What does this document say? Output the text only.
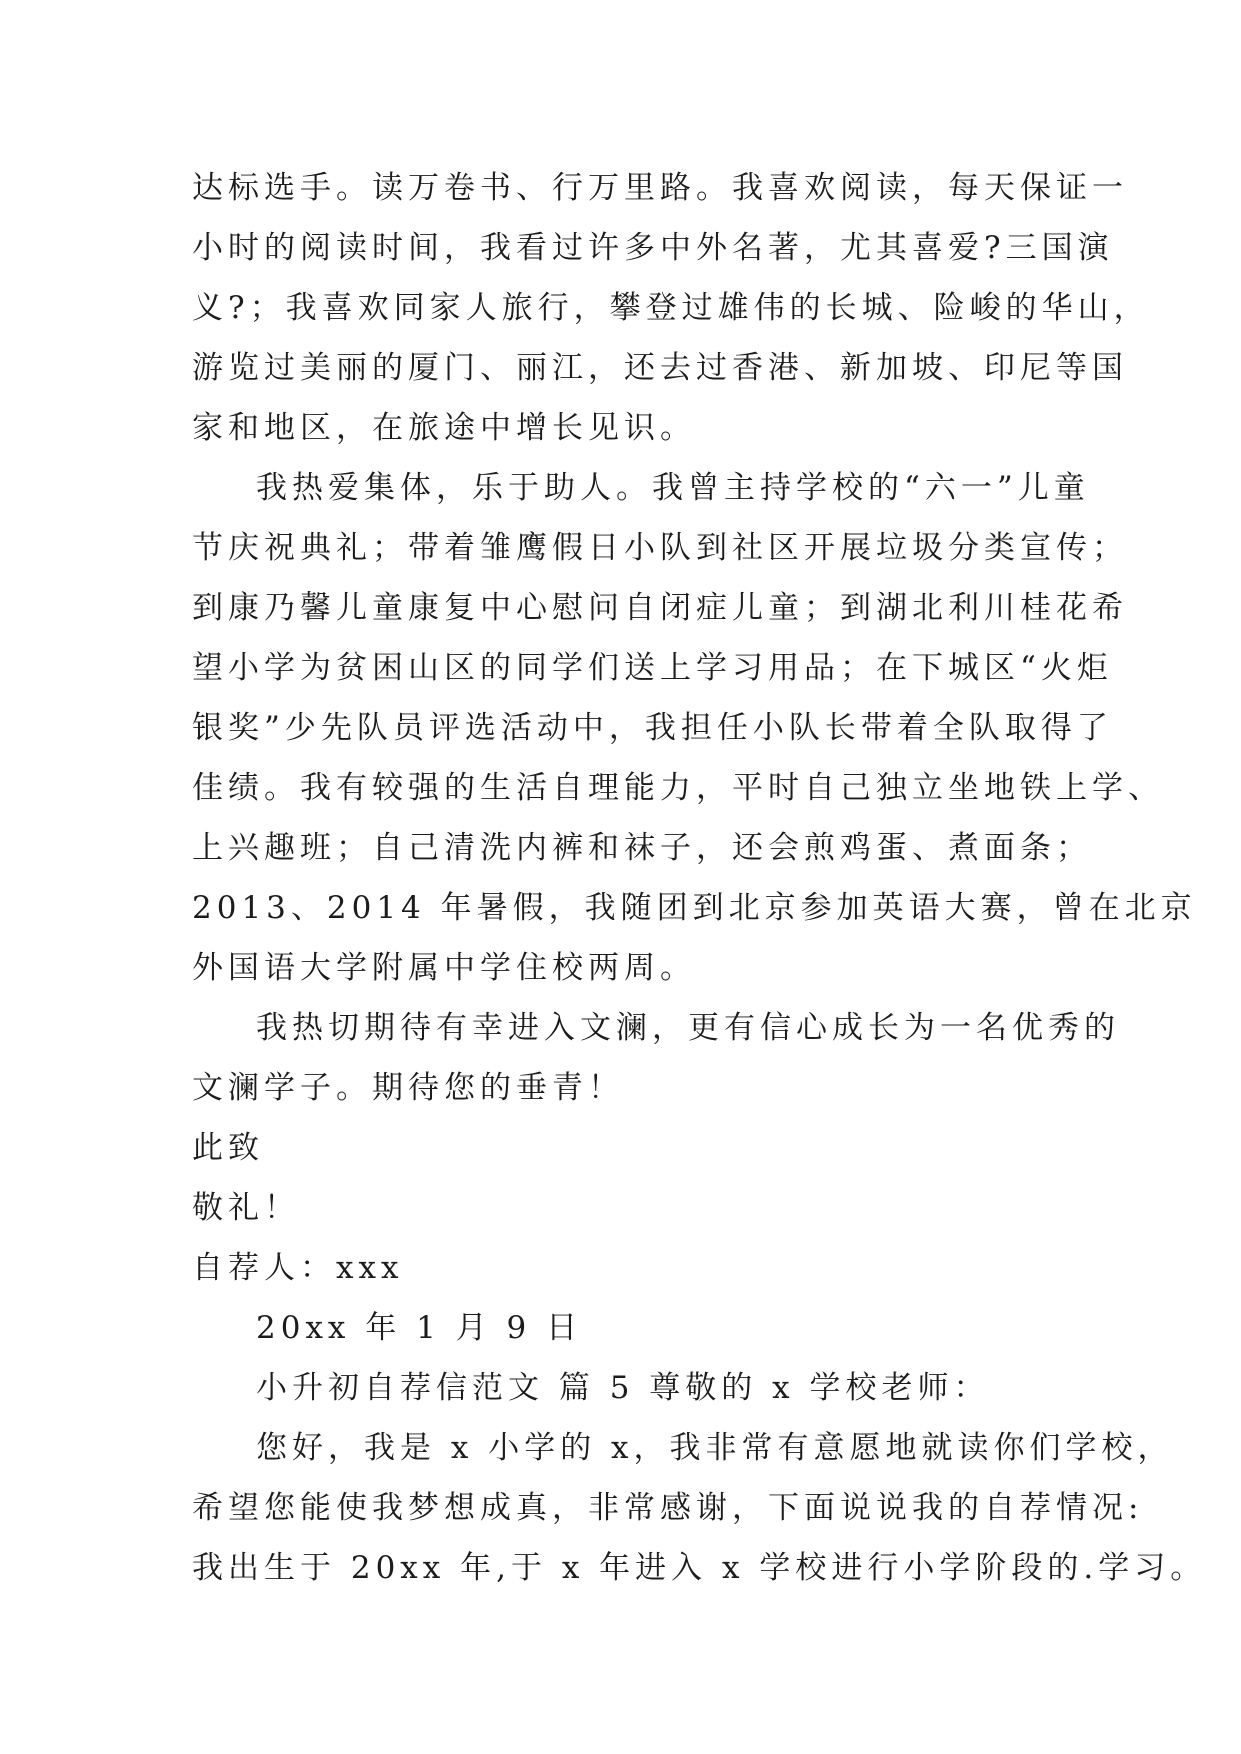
达标选手。读万卷书、行万里路。我喜欢阅读，每天保证一
小时的阅读时间，我看过许多中外名著，尤其喜爱?三国演
义?；我喜欢同家人旅行，攀登过雄伟的长城、险峻的华山，
游览过美丽的厦门、丽江，还去过香港、新加坡、印尼等国
家和地区，在旅途中增长见识。
我热爱集体，乐于助人。我曾主持学校的“六一”儿童
节庆祝典礼；带着雏鹰假日小队到社区开展垃圾分类宣传；
到康乃馨儿童康复中心慰问自闭症儿童；到湖北利川桂花希
望小学为贫困山区的同学们送上学习用品；在下城区“火炬
银奖”少先队员评选活动中，我担任小队长带着全队取得了
佳绩。我有较强的生活自理能力，平时自己独立坐地铁上学、
上兴趣班；自己清洗内裤和袜子，还会煎鸡蛋、煮面条；
2013、2014 年暑假，我随团到北京参加英语大赛，曾在北京
外国语大学附属中学住校两周。
我热切期待有幸进入文澜，更有信心成长为一名优秀的
文澜学子。期待您的垂青！
此致
敬礼！
自荐人：xxx
20xx 年 1 月 9 日
小升初自荐信范文 篇 5 尊敬的 x 学校老师：
您好，我是 x 小学的 x，我非常有意愿地就读你们学校，
希望您能使我梦想成真，非常感谢，下面说说我的自荐情况:
我出生于 20xx 年,于 x 年进入 x 学校进行小学阶段的.学习。
